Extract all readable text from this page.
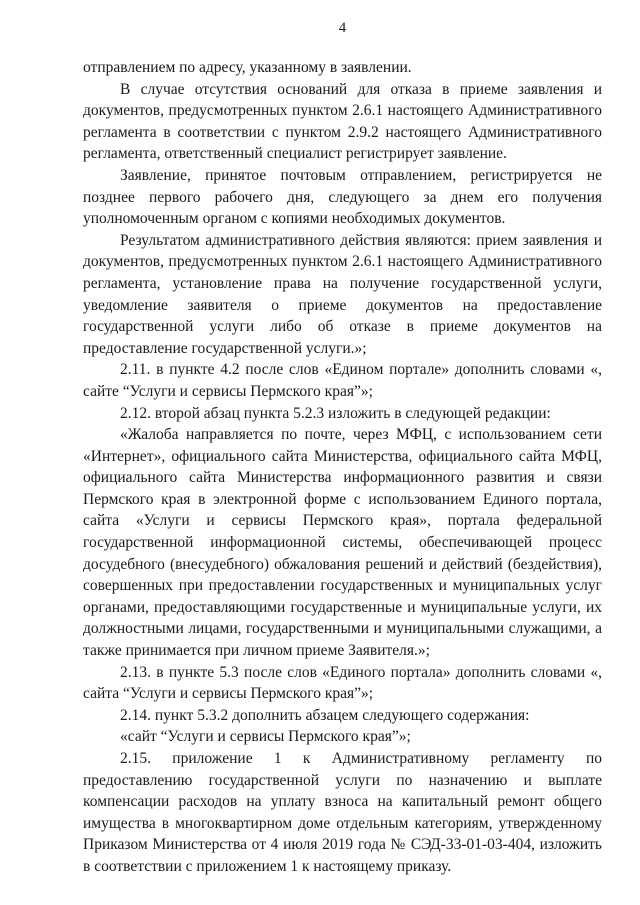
4

отправлением по адресу, указанному в заявлении.

В случае отсутствия оснований для отказа в приеме заявления и документов, предусмотренных пунктом 2.6.1 настоящего Административного регламента в соответствии с пунктом 2.9.2 настоящего Административного регламента, ответственный специалист регистрирует заявление.

Заявление, принятое почтовым отправлением, регистрируется не позднее первого рабочего дня, следующего за днем его получения уполномоченным органом с копиями необходимых документов.

Результатом административного действия являются: прием заявления и документов, предусмотренных пунктом 2.6.1 настоящего Административного регламента, установление права на получение государственной услуги, уведомление заявителя о приеме документов на предоставление государственной услуги либо об отказе в приеме документов на предоставление государственной услуги.»;

2.11. в пункте 4.2 после слов «Едином портале» дополнить словами «, сайте “Услуги и сервисы Пермского края”»;

2.12. второй абзац пункта 5.2.3 изложить в следующей редакции:

«Жалоба направляется по почте, через МФЦ, с использованием сети «Интернет», официального сайта Министерства, официального сайта МФЦ, официального сайта Министерства информационного развития и связи Пермского края в электронной форме с использованием Единого портала, сайта «Услуги и сервисы Пермского края», портала федеральной государственной информационной системы, обеспечивающей процесс досудебного (внесудебного) обжалования решений и действий (бездействия), совершенных при предоставлении государственных и муниципальных услуг органами, предоставляющими государственные и муниципальные услуги, их должностными лицами, государственными и муниципальными служащими, а также принимается при личном приеме Заявителя.»;

2.13. в пункте 5.3 после слов «Единого портала» дополнить словами «, сайта “Услуги и сервисы Пермского края”»;

2.14. пункт 5.3.2 дополнить абзацем следующего содержания:

«сайт “Услуги и сервисы Пермского края”»;

2.15. приложение 1 к Административному регламенту по предоставлению государственной услуги по назначению и выплате компенсации расходов на уплату взноса на капитальный ремонт общего имущества в многоквартирном доме отдельным категориям, утвержденному Приказом Министерства от 4 июля 2019 года № СЭД-33-01-03-404, изложить в соответствии с приложением 1 к настоящему приказу.
